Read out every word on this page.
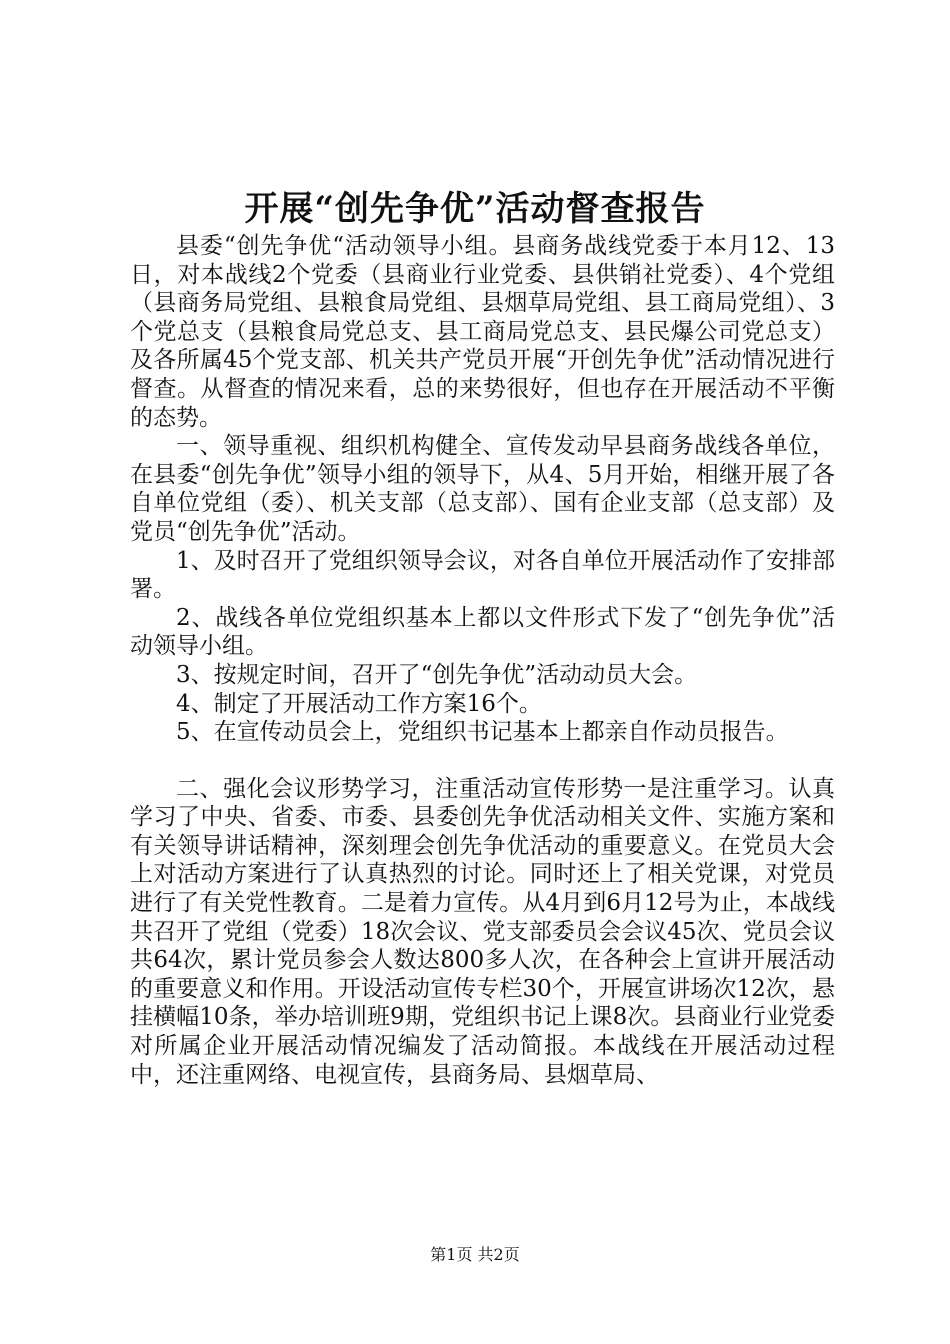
开展“创先争优”活动督查报告

县委“创先争优“活动领导小组。县商务战线党委于本月12、13日，对本战线2个党委（县商业行业党委、县供销社党委）、4个党组（县商务局党组、县粮食局党组、县烟草局党组、县工商局党组）、3个党总支（县粮食局党总支、县工商局党总支、县民爆公司党总支）及各所属45个党支部、机关共产党员开展“开创先争优”活动情况进行督查。从督查的情况来看，总的来势很好，但也存在开展活动不平衡的态势。

一、领导重视、组织机构健全、宣传发动早县商务战线各单位，在县委“创先争优”领导小组的领导下，从4、5月开始，相继开展了各自单位党组（委）、机关支部（总支部）、国有企业支部（总支部）及党员“创先争优”活动。

1、及时召开了党组织领导会议，对各自单位开展活动作了安排部署。

2、战线各单位党组织基本上都以文件形式下发了“创先争优”活动领导小组。

3、按规定时间，召开了“创先争优”活动动员大会。

4、制定了开展活动工作方案16个。

5、在宣传动员会上，党组织书记基本上都亲自作动员报告。

二、强化会议形势学习，注重活动宣传形势一是注重学习。认真学习了中央、省委、市委、县委创先争优活动相关文件、实施方案和有关领导讲话精神，深刻理会创先争优活动的重要意义。在党员大会上对活动方案进行了认真热烈的讨论。同时还上了相关党课，对党员进行了有关党性教育。二是着力宣传。从4月到6月12号为止，本战线共召开了党组（党委）18次会议、党支部委员会会议45次、党员会议共64次，累计党员参会人数达800多人次，在各种会上宣讲开展活动的重要意义和作用。开设活动宣传专栏30个，开展宣讲场次12次，悬挂横幅10条，举办培训班9期，党组织书记上课8次。县商业行业党委对所属企业开展活动情况编发了活动简报。本战线在开展活动过程中，还注重网络、电视宣传，县商务局、县烟草局、

第1页 共2页
